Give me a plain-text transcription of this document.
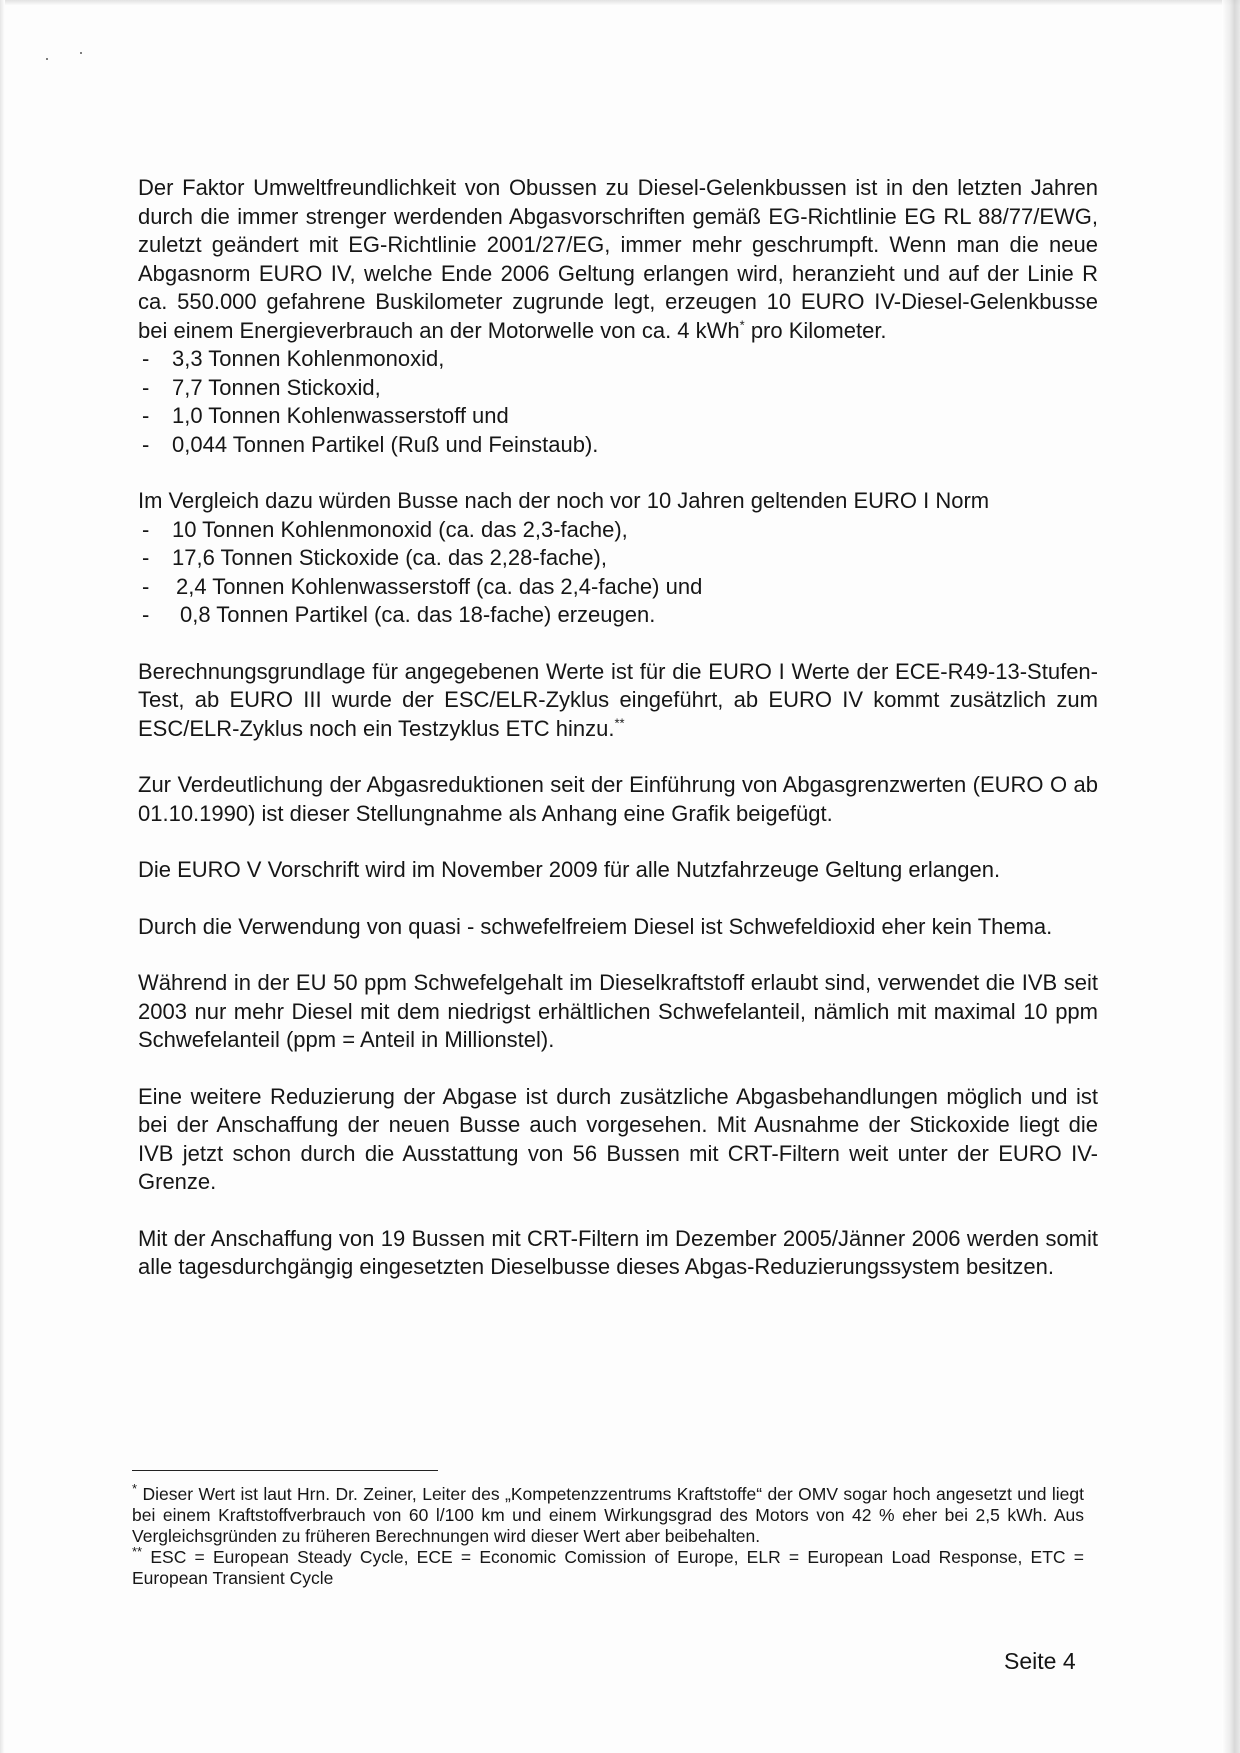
Der Faktor Umweltfreundlichkeit von Obussen zu Diesel-Gelenkbussen ist in den letzten Jahren durch die immer strenger werdenden Abgasvorschriften gemäß EG-Richtlinie EG RL 88/77/EWG, zuletzt geändert mit EG-Richtlinie 2001/27/EG, immer mehr geschrumpft. Wenn man die neue Abgasnorm EURO IV, welche Ende 2006 Geltung erlangen wird, heranzieht und auf der Linie R ca. 550.000 gefahrene Buskilometer zugrunde legt, erzeugen 10 EURO IV-Diesel-Gelenkbusse bei einem Energieverbrauch an der Motorwelle von ca. 4 kWh* pro Kilometer.

- 3,3 Tonnen Kohlenmonoxid,
- 7,7 Tonnen Stickoxid,
- 1,0 Tonnen Kohlenwasserstoff und
- 0,044 Tonnen Partikel (Ruß und Feinstaub).

Im Vergleich dazu würden Busse nach der noch vor 10 Jahren geltenden EURO I Norm

- 10 Tonnen Kohlenmonoxid (ca. das 2,3-fache),
- 17,6 Tonnen Stickoxide (ca. das 2,28-fache),
- 2,4 Tonnen Kohlenwasserstoff (ca. das 2,4-fache) und
- 0,8 Tonnen Partikel (ca. das 18-fache) erzeugen.

Berechnungsgrundlage für angegebenen Werte ist für die EURO I Werte der ECE-R49-13-Stufen-Test, ab EURO III wurde der ESC/ELR-Zyklus eingeführt, ab EURO IV kommt zusätzlich zum ESC/ELR-Zyklus noch ein Testzyklus ETC hinzu.**

Zur Verdeutlichung der Abgasreduktionen seit der Einführung von Abgasgrenzwerten (EURO O ab 01.10.1990) ist dieser Stellungnahme als Anhang eine Grafik beigefügt.

Die EURO V Vorschrift wird im November 2009 für alle Nutzfahrzeuge Geltung erlangen.

Durch die Verwendung von quasi - schwefelfreiem Diesel ist Schwefeldioxid eher kein Thema.

Während in der EU 50 ppm Schwefelgehalt im Dieselkraftstoff erlaubt sind, verwendet die IVB seit 2003 nur mehr Diesel mit dem niedrigst erhältlichen Schwefelanteil, nämlich mit maximal 10 ppm Schwefelanteil (ppm = Anteil in Millionstel).

Eine weitere Reduzierung der Abgase ist durch zusätzliche Abgasbehandlungen möglich und ist bei der Anschaffung der neuen Busse auch vorgesehen. Mit Ausnahme der Stickoxide liegt die IVB jetzt schon durch die Ausstattung von 56 Bussen mit CRT-Filtern weit unter der EURO IV-Grenze.

Mit der Anschaffung von 19 Bussen mit CRT-Filtern im Dezember 2005/Jänner 2006 werden somit alle tagesdurchgängig eingesetzten Dieselbusse dieses Abgas-Reduzierungssystem besitzen.

* Dieser Wert ist laut Hrn. Dr. Zeiner, Leiter des „Kompetenzzentrums Kraftstoffe“ der OMV sogar hoch angesetzt und liegt bei einem Kraftstoffverbrauch von 60 l/100 km und einem Wirkungsgrad des Motors von 42 % eher bei 2,5 kWh. Aus Vergleichsgründen zu früheren Berechnungen wird dieser Wert aber beibehalten.

** ESC = European Steady Cycle, ECE = Economic Comission of Europe, ELR = European Load Response, ETC = European Transient Cycle

Seite 4
